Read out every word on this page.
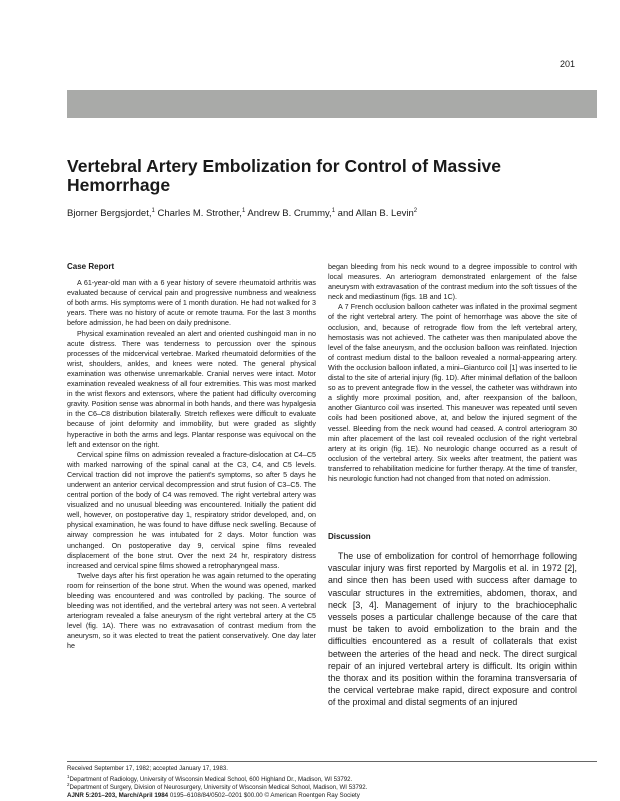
201
Vertebral Artery Embolization for Control of Massive Hemorrhage
Bjorner Bergsjordet,$^1$ Charles M. Strother,$^1$ Andrew B. Crummy,$^1$ and Allan B. Levin$^2$
Case Report

A 61-year-old man with a 6 year history of severe rheumatoid arthritis was evaluated because of cervical pain and progressive numbness and weakness of both arms. His symptoms were of 1 month duration. He had not walked for 3 years. There was no history of acute or remote trauma. For the last 3 months before admission, he had been on daily prednisone.

Physical examination revealed an alert and oriented cushingoid man in no acute distress. There was tenderness to percussion over the spinous processes of the midcervical vertebrae. Marked rheumatoid deformities of the wrist, shoulders, ankles, and knees were noted. The general physical examination was otherwise unremarkable. Cranial nerves were intact. Motor examination revealed weakness of all four extremities. This was most marked in the wrist flexors and extensors, where the patient had difficulty overcoming gravity. Position sense was abnormal in both hands, and there was hypalgesia in the C6–C8 distribution bilaterally. Stretch reflexes were difficult to evaluate because of joint deformity and immobility, but were graded as slightly hyperactive in both the arms and legs. Plantar response was equivocal on the left and extensor on the right.

Cervical spine films on admission revealed a fracture-dislocation at C4–C5 with marked narrowing of the spinal canal at the C3, C4, and C5 levels. Cervical traction did not improve the patient's symptoms, so after 5 days he underwent an anterior cervical decompression and strut fusion of C3–C5. The central portion of the body of C4 was removed. The right vertebral artery was visualized and no unusual bleeding was encountered. Initially the patient did well, however, on postoperative day 1, respiratory stridor developed, and, on physical examination, he was found to have diffuse neck swelling. Because of airway compression he was intubated for 2 days. Motor function was unchanged. On postoperative day 9, cervical spine films revealed displacement of the bone strut. Over the next 24 hr, respiratory distress increased and cervical spine films showed a retropharyngeal mass.

Twelve days after his first operation he was again returned to the operating room for reinsertion of the bone strut. When the wound was opened, marked bleeding was encountered and was controlled by packing. The source of bleeding was not identified, and the vertebral artery was not seen. A vertebral arteriogram revealed a false aneurysm of the right vertebral artery at the C5 level (fig. 1A). There was no extravasation of contrast medium from the aneurysm, so it was elected to treat the patient conservatively. One day later he

began bleeding from his neck wound to a degree impossible to control with local measures. An arteriogram demonstrated enlargement of the false aneurysm with extravasation of the contrast medium into the soft tissues of the neck and mediastinum (figs. 1B and 1C).

A 7 French occlusion balloon catheter was inflated in the proximal segment of the right vertebral artery. The point of hemorrhage was above the site of occlusion, and, because of retrograde flow from the left vertebral artery, hemostasis was not achieved. The catheter was then manipulated above the level of the false aneurysm, and the occlusion balloon was reinflated. Injection of contrast medium distal to the balloon revealed a normal-appearing artery. With the occlusion balloon inflated, a mini–Gianturco coil [1] was inserted to lie distal to the site of arterial injury (fig. 1D). After minimal deflation of the balloon so as to prevent antegrade flow in the vessel, the catheter was withdrawn into a slightly more proximal position, and, after reexpansion of the balloon, another Gianturco coil was inserted. This maneuver was repeated until seven coils had been positioned above, at, and below the injured segment of the vessel. Bleeding from the neck wound had ceased. A control arteriogram 30 min after placement of the last coil revealed occlusion of the right vertebral artery at its origin (fig. 1E). No neurologic change occurred as a result of occlusion of the vertebral artery. Six weeks after treatment, the patient was transferred to rehabilitation medicine for further therapy. At the time of transfer, his neurologic function had not changed from that noted on admission.

Discussion

The use of embolization for control of hemorrhage following vascular injury was first reported by Margolis et al. in 1972 [2], and since then has been used with success after damage to vascular structures in the extremities, abdomen, thorax, and neck [3, 4]. Management of injury to the brachiocephalic vessels poses a particular challenge because of the care that must be taken to avoid embolization to the brain and the difficulties encountered as a result of collaterals that exist between the arteries of the head and neck. The direct surgical repair of an injured vertebral artery is difficult. Its origin within the thorax and its position within the foramina transversaria of the cervical vertebrae make rapid, direct exposure and control of the proximal and distal segments of an injured

Received September 17, 1982; accepted January 17, 1983.
$^1$Department of Radiology, University of Wisconsin Medical School, 600 Highland Dr., Madison, WI 53792.
$^2$Department of Surgery, Division of Neurosurgery, University of Wisconsin Medical School, Madison, WI 53792.
AJNR 5:201–203, March/April 1984 0195–6108/84/0502–0201 $00.00 © American Roentgen Ray Society
